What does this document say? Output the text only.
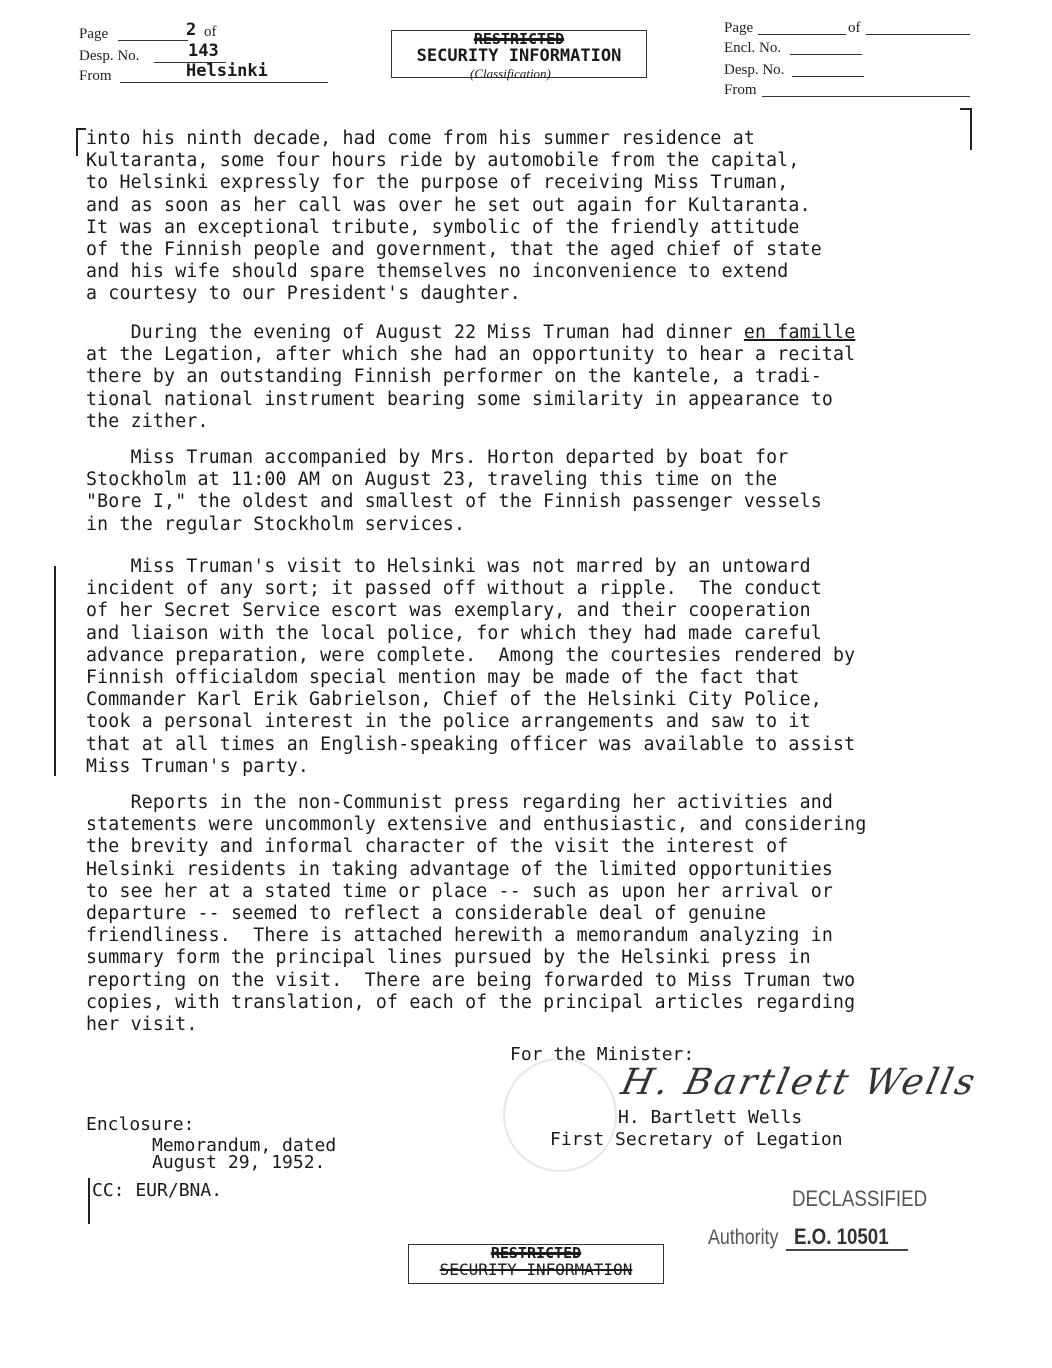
Page	2 of
Desp. No.	143
From	Helsinki
RESTRICTED
SECURITY INFORMATION
(Classification)
Page	of
Encl. No.
Desp. No.
From
into his ninth decade, had come from his summer residence at
Kultaranta, some four hours ride by automobile from the capital,
to Helsinki expressly for the purpose of receiving Miss Truman,
and as soon as her call was over he set out again for Kultaranta.
It was an exceptional tribute, symbolic of the friendly attitude
of the Finnish people and government, that the aged chief of state
and his wife should spare themselves no inconvenience to extend
a courtesy to our President's daughter.
During the evening of August 22 Miss Truman had dinner en famille
at the Legation, after which she had an opportunity to hear a recital
there by an outstanding Finnish performer on the kantele, a tradi-
tional national instrument bearing some similarity in appearance to
the zither.
Miss Truman accompanied by Mrs. Horton departed by boat for
Stockholm at 11:00 AM on August 23, traveling this time on the
"Bore I," the oldest and smallest of the Finnish passenger vessels
in the regular Stockholm services.
Miss Truman's visit to Helsinki was not marred by an untoward
incident of any sort; it passed off without a ripple.  The conduct
of her Secret Service escort was exemplary, and their cooperation
and liaison with the local police, for which they had made careful
advance preparation, were complete.  Among the courtesies rendered by
Finnish officialdom special mention may be made of the fact that
Commander Karl Erik Gabrielson, Chief of the Helsinki City Police,
took a personal interest in the police arrangements and saw to it
that at all times an English-speaking officer was available to assist
Miss Truman's party.
Reports in the non-Communist press regarding her activities and
statements were uncommonly extensive and enthusiastic, and considering
the brevity and informal character of the visit the interest of
Helsinki residents in taking advantage of the limited opportunities
to see her at a stated time or place -- such as upon her arrival or
departure -- seemed to reflect a considerable deal of genuine
friendliness.  There is attached herewith a memorandum analyzing in
summary form the principal lines pursued by the Helsinki press in
reporting on the visit.  There are being forwarded to Miss Truman two
copies, with translation, of each of the principal articles regarding
her visit.
For the Minister:
H. Bartlett Wells
H. Bartlett Wells
First Secretary of Legation
Enclosure:
Memorandum, dated
August 29, 1952.
CC: EUR/BNA.	DECLASSIFIED
Authority E.O. 10501
RESTRICTED
SECURITY INFORMATION
